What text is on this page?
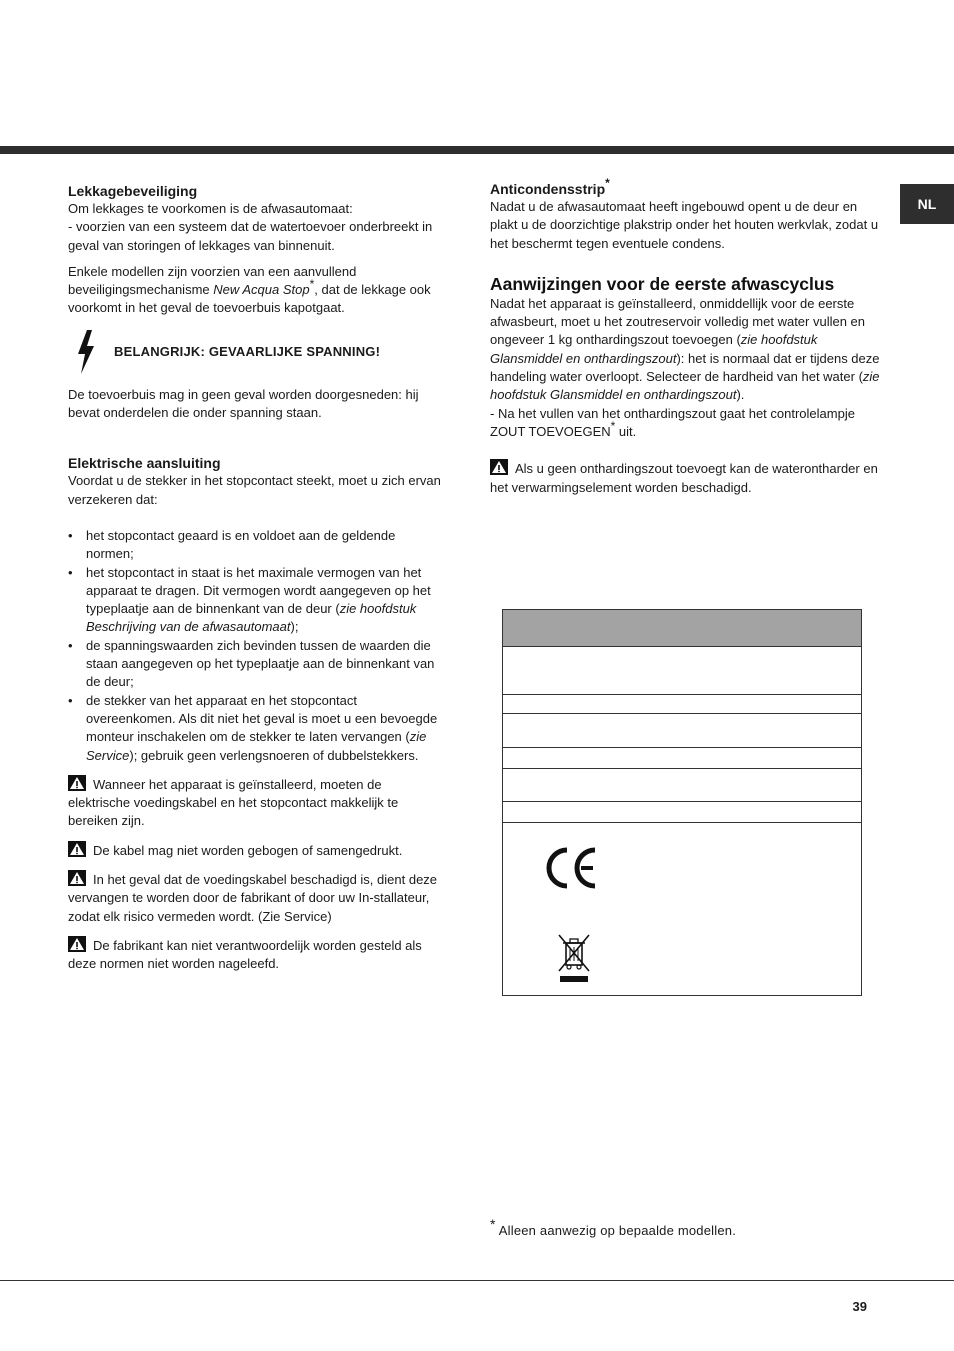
NL
Lekkagebeveiliging

Om lekkages te voorkomen is de afwasautomaat:

- voorzien van een systeem dat de watertoevoer onderbreekt in geval van storingen of lekkages van binnenuit.

Enkele modellen zijn voorzien van een aanvullend beveiligingsmechanisme New Acqua Stop*, dat de lekkage ook voorkomt in het geval de toevoerbuis kapotgaat.

BELANGRIJK: GEVAARLIJKE SPANNING!

De toevoerbuis mag in geen geval worden doorgesneden: hij bevat onderdelen die onder spanning staan.

Elektrische aansluiting

Voordat u de stekker in het stopcontact steekt, moet u zich ervan verzekeren dat:

• het stopcontact geaard is en voldoet aan de geldende normen;
• het stopcontact in staat is het maximale vermogen van het apparaat te dragen. Dit vermogen wordt aangegeven op het typeplaatje aan de binnenkant van de deur (zie hoofdstuk Beschrijving van de afwasautomaat);
• de spanningswaarden zich bevinden tussen de waarden die staan aangegeven op het typeplaatje aan de binnenkant van de deur;
• de stekker van het apparaat en het stopcontact overeenkomen. Als dit niet het geval is moet u een bevoegde monteur inschakelen om de stekker te laten vervangen (zie Service); gebruik geen verlengsnoeren of dubbelstekkers.

Wanneer het apparaat is geïnstalleerd, moeten de elektrische voedingskabel en het stopcontact makkelijk te bereiken zijn.

De kabel mag niet worden gebogen of samengedrukt.

In het geval dat de voedingskabel beschadigd is, dient deze vervangen te worden door de fabrikant of door uw In-stallateur, zodat elk risico vermeden wordt. (Zie Service)

De fabrikant kan niet verantwoordelijk worden gesteld als deze normen niet worden nageleefd.

Anticondensstrip*

Nadat u de afwasautomaat heeft ingebouwd opent u de deur en plakt u de doorzichtige plakstrip onder het houten werkvlak, zodat u het beschermt tegen eventuele condens.

Aanwijzingen voor de eerste afwascyclus

Nadat het apparaat is geïnstalleerd, onmiddellijk voor de eerste afwasbeurt, moet u het zoutreservoir volledig met water vullen en ongeveer 1 kg onthardingszout toevoegen (zie hoofdstuk Glansmiddel en onthardingszout): het is normaal dat er tijdens deze handeling water overloopt. Selecteer de hardheid van het water (zie hoofdstuk Glansmiddel en onthardingszout).

- Na het vullen van het onthardingszout gaat het controlelampje ZOUT TOEVOEGEN* uit.

Als u geen onthardingszout toevoegt kan de waterontharder en het verwarmingselement worden beschadigd.

* Alleen aanwezig op bepaalde modellen.

39
